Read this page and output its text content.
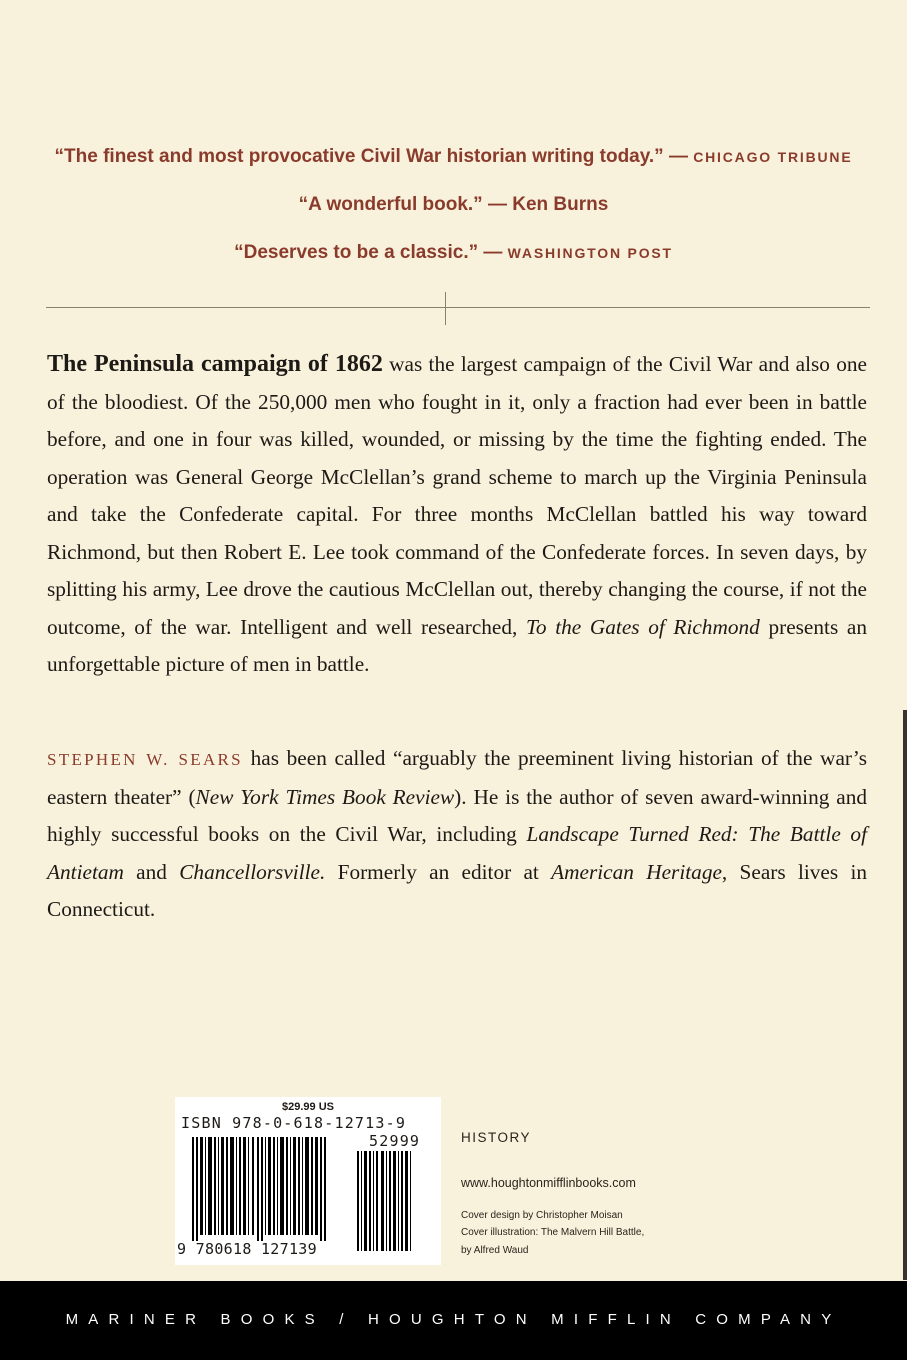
“The finest and most provocative Civil War historian writing today.” — CHICAGO TRIBUNE
“A wonderful book.” — Ken Burns
“Deserves to be a classic.” — WASHINGTON POST
The Peninsula campaign of 1862 was the largest campaign of the Civil War and also one of the bloodiest. Of the 250,000 men who fought in it, only a fraction had ever been in battle before, and one in four was killed, wounded, or missing by the time the fighting ended. The operation was General George McClellan’s grand scheme to march up the Virginia Peninsula and take the Confederate capital. For three months McClellan battled his way toward Richmond, but then Robert E. Lee took command of the Confederate forces. In seven days, by splitting his army, Lee drove the cautious McClellan out, thereby changing the course, if not the outcome, of the war. Intelligent and well researched, To the Gates of Richmond presents an unforgettable picture of men in battle.
STEPHEN W. SEARS has been called “arguably the preeminent living historian of the war’s eastern theater” (New York Times Book Review). He is the author of seven award-winning and highly successful books on the Civil War, including Landscape Turned Red: The Battle of Antietam and Chancellorsville. Formerly an editor at American Heritage, Sears lives in Connecticut.
$29.99 US
ISBN 978-0-618-12713-9
52999
9 780618 127139
HISTORY
www.houghtonmifflinbooks.com
Cover design by Christopher Moisan
Cover illustration: The Malvern Hill Battle,
by Alfred Waud
MARINER BOOKS / HOUGHTON MIFFLIN COMPANY
